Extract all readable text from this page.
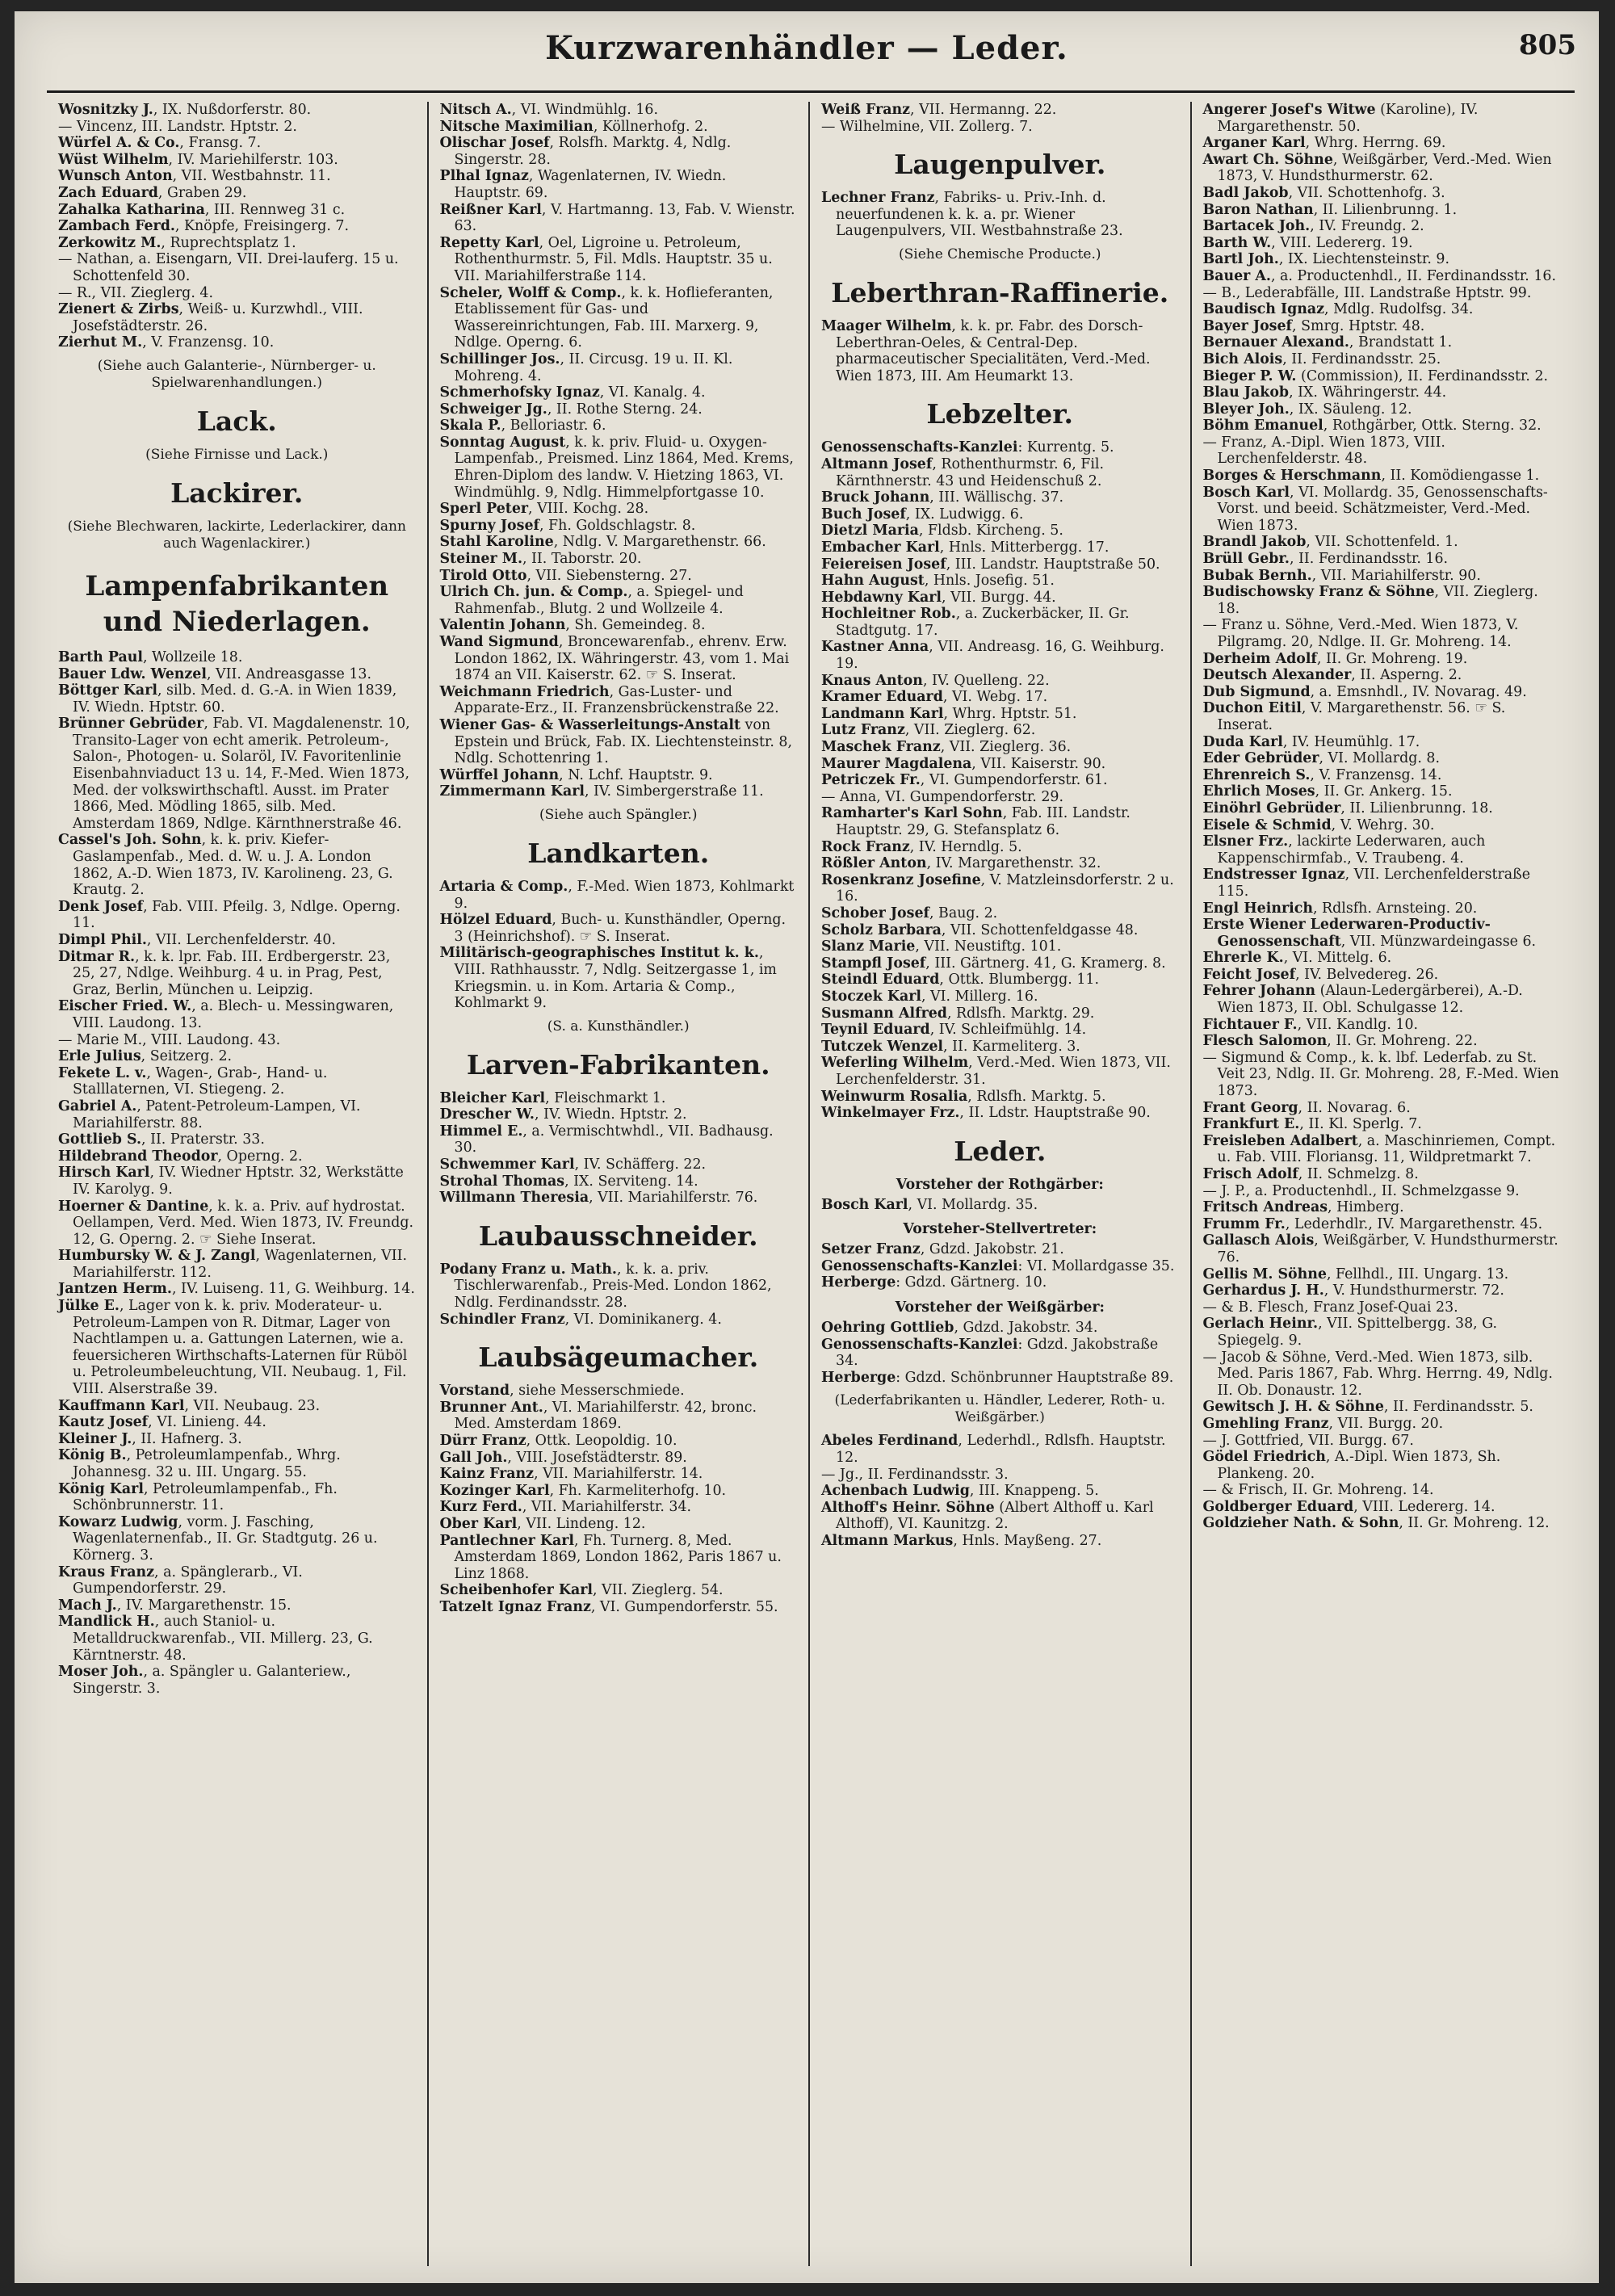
Kurzwarenhändler — Leder.	805

Wosnitzky J., IX. Nußdorferstr. 80.

— Vincenz, III. Landstr. Hptstr. 2.

Würfel A. & Co., Fransg. 7.

Wüst Wilhelm, IV. Mariehilferstr. 103.

Wunsch Anton, VII. Westbahnstr. 11.

Zach Eduard, Graben 29.

Zahalka Katharina, III. Rennweg 31 c.

Zambach Ferd., Knöpfe, Freisingerg. 7.

Zerkowitz M., Ruprechtsplatz 1.

— Nathan, a. Eisengarn, VII. Drei-lauferg. 15 u. Schottenfeld 30.

— R., VII. Zieglerg. 4.

Zienert & Zirbs, Weiß- u. Kurzwhdl., VIII. Josefstädterstr. 26.

Zierhut M., V. Franzensg. 10.

(Siehe auch Galanterie-, Nürnberger- u. Spielwarenhandlungen.)
Lack.
(Siehe Firnisse und Lack.)
Lackirer.
(Siehe Blechwaren, lackirte, Lederlackirer, dann auch Wagenlackirer.)
Lampenfabrikanten und Niederlagen.

Barth Paul, Wollzeile 18.

Bauer Ldw. Wenzel, VII. Andreasgasse 13.

Böttger Karl, silb. Med. d. G.-A. in Wien 1839, IV. Wiedn. Hptstr. 60.

Brünner Gebrüder, Fab. VI. Magdalenenstr. 10, Transito-Lager von echt amerik. Petroleum-, Salon-, Photogen- u. Solaröl, IV. Favoritenlinie Eisenbahnviaduct 13 u. 14, F.-Med. Wien 1873, Med. der volkswirthschaftl. Ausst. im Prater 1866, Med. Mödling 1865, silb. Med. Amsterdam 1869, Ndlge. Kärnthnerstraße 46.

Cassel's Joh. Sohn, k. k. priv. Kiefer-Gaslampenfab., Med. d. W. u. J. A. London 1862, A.-D. Wien 1873, IV. Karolineng. 23, G. Krautg. 2.

Denk Josef, Fab. VIII. Pfeilg. 3, Ndlge. Operng. 11.

Dimpl Phil., VII. Lerchenfelderstr. 40.

Ditmar R., k. k. lpr. Fab. III. Erdbergerstr. 23, 25, 27, Ndlge. Weihburg. 4 u. in Prag, Pest, Graz, Berlin, München u. Leipzig.

Eischer Fried. W., a. Blech- u. Messingwaren, VIII. Laudong. 13.

— Marie M., VIII. Laudong. 43.

Erle Julius, Seitzerg. 2.

Fekete L. v., Wagen-, Grab-, Hand- u. Stalllaternen, VI. Stiegeng. 2.

Gabriel A., Patent-Petroleum-Lampen, VI. Mariahilferstr. 88.

Gottlieb S., II. Praterstr. 33.

Hildebrand Theodor, Operng. 2.

Hirsch Karl, IV. Wiedner Hptstr. 32, Werkstätte IV. Karolyg. 9.

Hoerner & Dantine, k. k. a. Priv. auf hydrostat. Oellampen, Verd. Med. Wien 1873, IV. Freundg. 12, G. Operng. 2. ☞ Siehe Inserat.

Humbursky W. & J. Zangl, Wagenlaternen, VII. Mariahilferstr. 112.

Jantzen Herm., IV. Luiseng. 11, G. Weihburg. 14.

Jülke E., Lager von k. k. priv. Moderateur- u. Petroleum-Lampen von R. Ditmar, Lager von Nachtlampen u. a. Gattungen Laternen, wie a. feuersicheren Wirthschafts-Laternen für Rüböl u. Petroleumbeleuchtung, VII. Neubaug. 1, Fil. VIII. Alserstraße 39.

Kauffmann Karl, VII. Neubaug. 23.

Kautz Josef, VI. Linieng. 44.

Kleiner J., II. Hafnerg. 3.

König B., Petroleumlampenfab., Whrg. Johannesg. 32 u. III. Ungarg. 55.

König Karl, Petroleumlampenfab., Fh. Schönbrunnerstr. 11.

Kowarz Ludwig, vorm. J. Fasching, Wagenlaternenfab., II. Gr. Stadtgutg. 26 u. Körnerg. 3.

Kraus Franz, a. Spänglerarb., VI. Gumpendorferstr. 29.

Mach J., IV. Margarethenstr. 15.

Mandlick H., auch Staniol- u. Metalldruckwarenfab., VII. Millerg. 23, G. Kärntnerstr. 48.

Moser Joh., a. Spängler u. Galanteriew., Singerstr. 3.

Nitsch A., VI. Windmühlg. 16.

Nitsche Maximilian, Köllnerhofg. 2.

Olischar Josef, Rolsfh. Marktg. 4, Ndlg. Singerstr. 28.

Plhal Ignaz, Wagenlaternen, IV. Wiedn. Hauptstr. 69.

Reißner Karl, V. Hartmanng. 13, Fab. V. Wienstr. 63.

Repetty Karl, Oel, Ligroine u. Petroleum, Rothenthurmstr. 5, Fil. Mdls. Hauptstr. 35 u. VII. Mariahilferstraße 114.

Scheler, Wolff & Comp., k. k. Hoflieferanten, Etablissement für Gas- und Wassereinrichtungen, Fab. III. Marxerg. 9, Ndlge. Operng. 6.

Schillinger Jos., II. Circusg. 19 u. II. Kl. Mohreng. 4.

Schmerhofsky Ignaz, VI. Kanalg. 4.

Schweiger Jg., II. Rothe Sterng. 24.

Skala P., Belloriastr. 6.

Sonntag August, k. k. priv. Fluid- u. Oxygen-Lampenfab., Preismed. Linz 1864, Med. Krems, Ehren-Diplom des landw. V. Hietzing 1863, VI. Windmühlg. 9, Ndlg. Himmelpfortgasse 10.

Sperl Peter, VIII. Kochg. 28.

Spurny Josef, Fh. Goldschlagstr. 8.

Stahl Karoline, Ndlg. V. Margarethenstr. 66.

Steiner M., II. Taborstr. 20.

Tirold Otto, VII. Siebensterng. 27.

Ulrich Ch. jun. & Comp., a. Spiegel- und Rahmenfab., Blutg. 2 und Wollzeile 4.

Valentin Johann, Sh. Gemeindeg. 8.

Wand Sigmund, Broncewarenfab., ehrenv. Erw. London 1862, IX. Währingerstr. 43, vom 1. Mai 1874 an VII. Kaiserstr. 62. ☞ S. Inserat.

Weichmann Friedrich, Gas-Luster- und Apparate-Erz., II. Franzensbrückenstraße 22.

Wiener Gas- & Wasserleitungs-Anstalt von Epstein und Brück, Fab. IX. Liechtensteinstr. 8, Ndlg. Schottenring 1.

Würffel Johann, N. Lchf. Hauptstr. 9.

Zimmermann Karl, IV. Simbergerstraße 11.

(Siehe auch Spängler.)
Landkarten.

Artaria & Comp., F.-Med. Wien 1873, Kohlmarkt 9.

Hölzel Eduard, Buch- u. Kunsthändler, Operng. 3 (Heinrichshof). ☞ S. Inserat.

Militärisch-geographisches Institut k. k., VIII. Rathhausstr. 7, Ndlg. Seitzergasse 1, im Kriegsmin. u. in Kom. Artaria & Comp., Kohlmarkt 9.

(S. a. Kunsthändler.)
Larven-Fabrikanten.

Bleicher Karl, Fleischmarkt 1.

Drescher W., IV. Wiedn. Hptstr. 2.

Himmel E., a. Vermischtwhdl., VII. Badhausg. 30.

Schwemmer Karl, IV. Schäfferg. 22.

Strohal Thomas, IX. Serviteng. 14.

Willmann Theresia, VII. Mariahilferstr. 76.

Laubausschneider.

Podany Franz u. Math., k. k. a. priv. Tischlerwarenfab., Preis-Med. London 1862, Ndlg. Ferdinandsstr. 28.

Schindler Franz, VI. Dominikanerg. 4.

Laubsägeumacher.

Vorstand, siehe Messerschmiede.

Brunner Ant., VI. Mariahilferstr. 42, bronc. Med. Amsterdam 1869.

Dürr Franz, Ottk. Leopoldig. 10.

Gall Joh., VIII. Josefstädterstr. 89.

Kainz Franz, VII. Mariahilferstr. 14.

Kozinger Karl, Fh. Karmeliterhofg. 10.

Kurz Ferd., VII. Mariahilferstr. 34.

Ober Karl, VII. Lindeng. 12.

Pantlechner Karl, Fh. Turnerg. 8, Med. Amsterdam 1869, London 1862, Paris 1867 u. Linz 1868.

Scheibenhofer Karl, VII. Zieglerg. 54.

Tatzelt Ignaz Franz, VI. Gumpendorferstr. 55.

Weiß Franz, VII. Hermanng. 22.

— Wilhelmine, VII. Zollerg. 7.

Laugenpulver.

Lechner Franz, Fabriks- u. Priv.-Inh. d. neuerfundenen k. k. a. pr. Wiener Laugenpulvers, VII. Westbahnstraße 23.

(Siehe Chemische Producte.)
Leberthran-Raffinerie.

Maager Wilhelm, k. k. pr. Fabr. des Dorsch-Leberthran-Oeles, & Central-Dep. pharmaceutischer Specialitäten, Verd.-Med. Wien 1873, III. Am Heumarkt 13.

Lebzelter.

Genossenschafts-Kanzlei: Kurrentg. 5.

Altmann Josef, Rothenthurmstr. 6, Fil. Kärnthnerstr. 43 und Heidenschuß 2.

Bruck Johann, III. Wällischg. 37.

Buch Josef, IX. Ludwigg. 6.

Dietzl Maria, Fldsb. Kircheng. 5.

Embacher Karl, Hnls. Mitterbergg. 17.

Feiereisen Josef, III. Landstr. Hauptstraße 50.

Hahn August, Hnls. Josefig. 51.

Hebdawny Karl, VII. Burgg. 44.

Hochleitner Rob., a. Zuckerbäcker, II. Gr. Stadtgutg. 17.

Kastner Anna, VII. Andreasg. 16, G. Weihburg. 19.

Knaus Anton, IV. Quelleng. 22.

Kramer Eduard, VI. Webg. 17.

Landmann Karl, Whrg. Hptstr. 51.

Lutz Franz, VII. Zieglerg. 62.

Maschek Franz, VII. Zieglerg. 36.

Maurer Magdalena, VII. Kaiserstr. 90.

Petriczek Fr., VI. Gumpendorferstr. 61.

— Anna, VI. Gumpendorferstr. 29.

Ramharter's Karl Sohn, Fab. III. Landstr. Hauptstr. 29, G. Stefansplatz 6.

Rock Franz, IV. Herndlg. 5.

Rößler Anton, IV. Margarethenstr. 32.

Rosenkranz Josefine, V. Matzleinsdorferstr. 2 u. 16.

Schober Josef, Baug. 2.

Scholz Barbara, VII. Schottenfeldgasse 48.

Slanz Marie, VII. Neustiftg. 101.

Stampfl Josef, III. Gärtnerg. 41, G. Kramerg. 8.

Steindl Eduard, Ottk. Blumbergg. 11.

Stoczek Karl, VI. Millerg. 16.

Susmann Alfred, Rdlsfh. Marktg. 29.

Teynil Eduard, IV. Schleifmühlg. 14.

Tutczek Wenzel, II. Karmeliterg. 3.

Weferling Wilhelm, Verd.-Med. Wien 1873, VII. Lerchenfelderstr. 31.

Weinwurm Rosalia, Rdlsfh. Marktg. 5.

Winkelmayer Frz., II. Ldstr. Hauptstraße 90.

Leder.
Vorsteher der Rothgärber:

Bosch Karl, VI. Mollardg. 35.

Vorsteher-Stellvertreter:

Setzer Franz, Gdzd. Jakobstr. 21.

Genossenschafts-Kanzlei: VI. Mollardgasse 35.

Herberge: Gdzd. Gärtnerg. 10.

Vorsteher der Weißgärber:

Oehring Gottlieb, Gdzd. Jakobstr. 34.

Genossenschafts-Kanzlei: Gdzd. Jakobstraße 34.

Herberge: Gdzd. Schönbrunner Hauptstraße 89.

(Lederfabrikanten u. Händler, Lederer, Roth- u. Weißgärber.)

Abeles Ferdinand, Lederhdl., Rdlsfh. Hauptstr. 12.

— Jg., II. Ferdinandsstr. 3.

Achenbach Ludwig, III. Knappeng. 5.

Althoff's Heinr. Söhne (Albert Althoff u. Karl Althoff), VI. Kaunitzg. 2.

Altmann Markus, Hnls. Mayßeng. 27.

Angerer Josef's Witwe (Karoline), IV. Margarethenstr. 50.

Arganer Karl, Whrg. Herrng. 69.

Awart Ch. Söhne, Weißgärber, Verd.-Med. Wien 1873, V. Hundsthurmerstr. 62.

Badl Jakob, VII. Schottenhofg. 3.

Baron Nathan, II. Lilienbrunng. 1.

Bartacek Joh., IV. Freundg. 2.

Barth W., VIII. Ledererg. 19.

Bartl Joh., IX. Liechtensteinstr. 9.

Bauer A., a. Productenhdl., II. Ferdinandsstr. 16.

— B., Lederabfälle, III. Landstraße Hptstr. 99.

Baudisch Ignaz, Mdlg. Rudolfsg. 34.

Bayer Josef, Smrg. Hptstr. 48.

Bernauer Alexand., Brandstatt 1.

Bich Alois, II. Ferdinandsstr. 25.

Bieger P. W. (Commission), II. Ferdinandsstr. 2.

Blau Jakob, IX. Währingerstr. 44.

Bleyer Joh., IX. Säuleng. 12.

Böhm Emanuel, Rothgärber, Ottk. Sterng. 32.

— Franz, A.-Dipl. Wien 1873, VIII. Lerchenfelderstr. 48.

Borges & Herschmann, II. Komödiengasse 1.

Bosch Karl, VI. Mollardg. 35, Genossenschafts-Vorst. und beeid. Schätzmeister, Verd.-Med. Wien 1873.

Brandl Jakob, VII. Schottenfeld. 1.

Brüll Gebr., II. Ferdinandsstr. 16.

Bubak Bernh., VII. Mariahilferstr. 90.

Budischowsky Franz & Söhne, VII. Zieglerg. 18.

— Franz u. Söhne, Verd.-Med. Wien 1873, V. Pilgramg. 20, Ndlge. II. Gr. Mohreng. 14.

Derheim Adolf, II. Gr. Mohreng. 19.

Deutsch Alexander, II. Asperng. 2.

Dub Sigmund, a. Emsnhdl., IV. Novarag. 49.

Duchon Eitil, V. Margarethenstr. 56. ☞ S. Inserat.

Duda Karl, IV. Heumühlg. 17.

Eder Gebrüder, VI. Mollardg. 8.

Ehrenreich S., V. Franzensg. 14.

Ehrlich Moses, II. Gr. Ankerg. 15.

Einöhrl Gebrüder, II. Lilienbrunng. 18.

Eisele & Schmid, V. Wehrg. 30.

Elsner Frz., lackirte Lederwaren, auch Kappenschirmfab., V. Traubeng. 4.

Endstresser Ignaz, VII. Lerchenfelderstraße 115.

Engl Heinrich, Rdlsfh. Arnsteing. 20.

Erste Wiener Lederwaren-Productiv-Genossenschaft, VII. Münzwardeingasse 6.

Ehrerle K., VI. Mittelg. 6.

Feicht Josef, IV. Belvedereg. 26.

Fehrer Johann (Alaun-Ledergärberei), A.-D. Wien 1873, II. Obl. Schulgasse 12.

Fichtauer F., VII. Kandlg. 10.

Flesch Salomon, II. Gr. Mohreng. 22.

— Sigmund & Comp., k. k. lbf. Lederfab. zu St. Veit 23, Ndlg. II. Gr. Mohreng. 28, F.-Med. Wien 1873.

Frant Georg, II. Novarag. 6.

Frankfurt E., II. Kl. Sperlg. 7.

Freisleben Adalbert, a. Maschinriemen, Compt. u. Fab. VIII. Floriansg. 11, Wildpretmarkt 7.

Frisch Adolf, II. Schmelzg. 8.

— J. P., a. Productenhdl., II. Schmelzgasse 9.

Fritsch Andreas, Himberg.

Frumm Fr., Lederhdlr., IV. Margarethenstr. 45.

Gallasch Alois, Weißgärber, V. Hundsthurmerstr. 76.

Gellis M. Söhne, Fellhdl., III. Ungarg. 13.

Gerhardus J. H., V. Hundsthurmerstr. 72.

— & B. Flesch, Franz Josef-Quai 23.

Gerlach Heinr., VII. Spittelbergg. 38, G. Spiegelg. 9.

— Jacob & Söhne, Verd.-Med. Wien 1873, silb. Med. Paris 1867, Fab. Whrg. Herrng. 49, Ndlg. II. Ob. Donaustr. 12.

Gewitsch J. H. & Söhne, II. Ferdinandsstr. 5.

Gmehling Franz, VII. Burgg. 20.

— J. Gottfried, VII. Burgg. 67.

Gödel Friedrich, A.-Dipl. Wien 1873, Sh. Plankeng. 20.

— & Frisch, II. Gr. Mohreng. 14.

Goldberger Eduard, VIII. Ledererg. 14.

Goldzieher Nath. & Sohn, II. Gr. Mohreng. 12.
